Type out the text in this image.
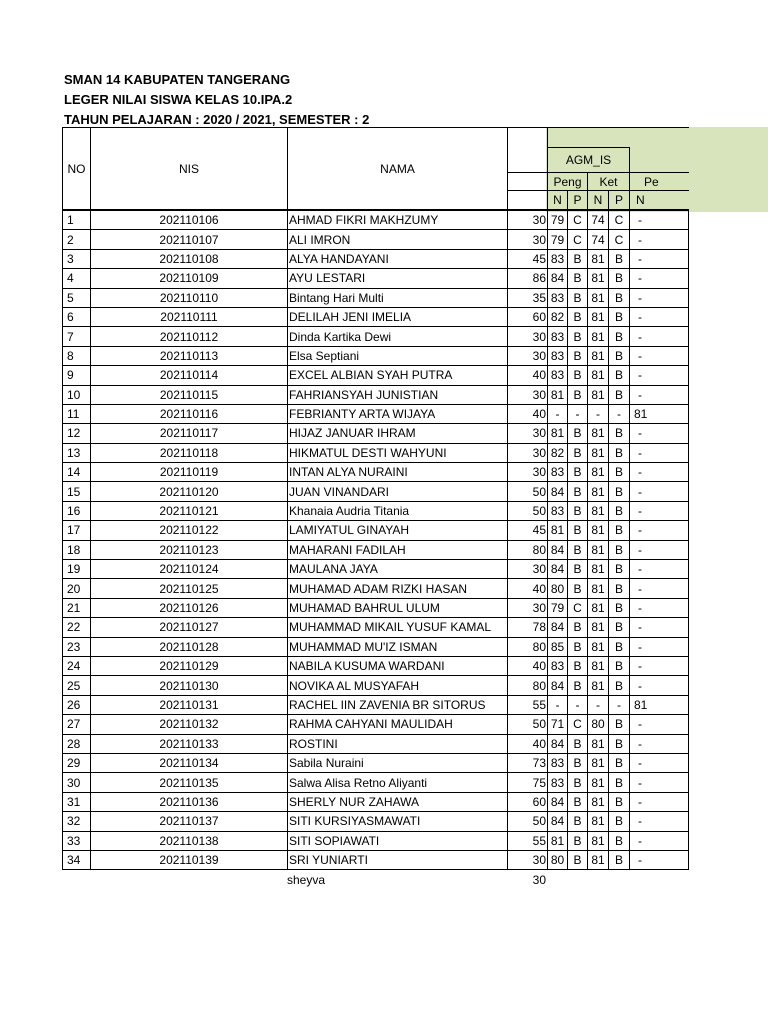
SMAN 14 KABUPATEN TANGERANG
LEGER NILAI SISWA KELAS 10.IPA.2
TAHUN PELAJARAN : 2020 / 2021, SEMESTER : 2
NO	NIS	NAMA						
				AGM_IS				
				Peng		Ket		Pe
				N	P	N	P	N
1	202110106	AHMAD FIKRI MAKHZUMY	30	79	C	74	C	-
2	202110107	ALI IMRON	30	79	C	74	C	-
3	202110108	ALYA HANDAYANI	45	83	B	81	B	-
4	202110109	AYU LESTARI	86	84	B	81	B	-
5	202110110	Bintang Hari Multi	35	83	B	81	B	-
6	202110111	DELILAH JENI IMELIA	60	82	B	81	B	-
7	202110112	Dinda Kartika Dewi	30	83	B	81	B	-
8	202110113	Elsa Septiani	30	83	B	81	B	-
9	202110114	EXCEL ALBIAN SYAH PUTRA	40	83	B	81	B	-
10	202110115	FAHRIANSYAH JUNISTIAN	30	81	B	81	B	-
11	202110116	FEBRIANTY ARTA WIJAYA	40	-	-	-	-	81
12	202110117	HIJAZ JANUAR IHRAM	30	81	B	81	B	-
13	202110118	HIKMATUL DESTI WAHYUNI	30	82	B	81	B	-
14	202110119	INTAN ALYA NURAINI	30	83	B	81	B	-
15	202110120	JUAN VINANDARI	50	84	B	81	B	-
16	202110121	Khanaia Audria Titania	50	83	B	81	B	-
17	202110122	LAMIYATUL GINAYAH	45	81	B	81	B	-
18	202110123	MAHARANI FADILAH	80	84	B	81	B	-
19	202110124	MAULANA JAYA	30	84	B	81	B	-
20	202110125	MUHAMAD ADAM RIZKI HASAN	40	80	B	81	B	-
21	202110126	MUHAMAD BAHRUL ULUM	30	79	C	81	B	-
22	202110127	MUHAMMAD MIKAIL YUSUF KAMAL	78	84	B	81	B	-
23	202110128	MUHAMMAD MU'IZ ISMAN	80	85	B	81	B	-
24	202110129	NABILA KUSUMA WARDANI	40	83	B	81	B	-
25	202110130	NOVIKA AL MUSYAFAH	80	84	B	81	B	-
26	202110131	RACHEL IIN ZAVENIA BR SITORUS	55	-	-	-	-	81
27	202110132	RAHMA CAHYANI MAULIDAH	50	71	C	80	B	-
28	202110133	ROSTINI	40	84	B	81	B	-
29	202110134	Sabila Nuraini	73	83	B	81	B	-
30	202110135	Salwa Alisa Retno Aliyanti	75	83	B	81	B	-
31	202110136	SHERLY NUR ZAHAWA	60	84	B	81	B	-
32	202110137	SITI KURSIYASMAWATI	50	84	B	81	B	-
33	202110138	SITI SOPIAWATI	55	81	B	81	B	-
34	202110139	SRI YUNIARTI	30	80	B	81	B	-
sheyva	30
